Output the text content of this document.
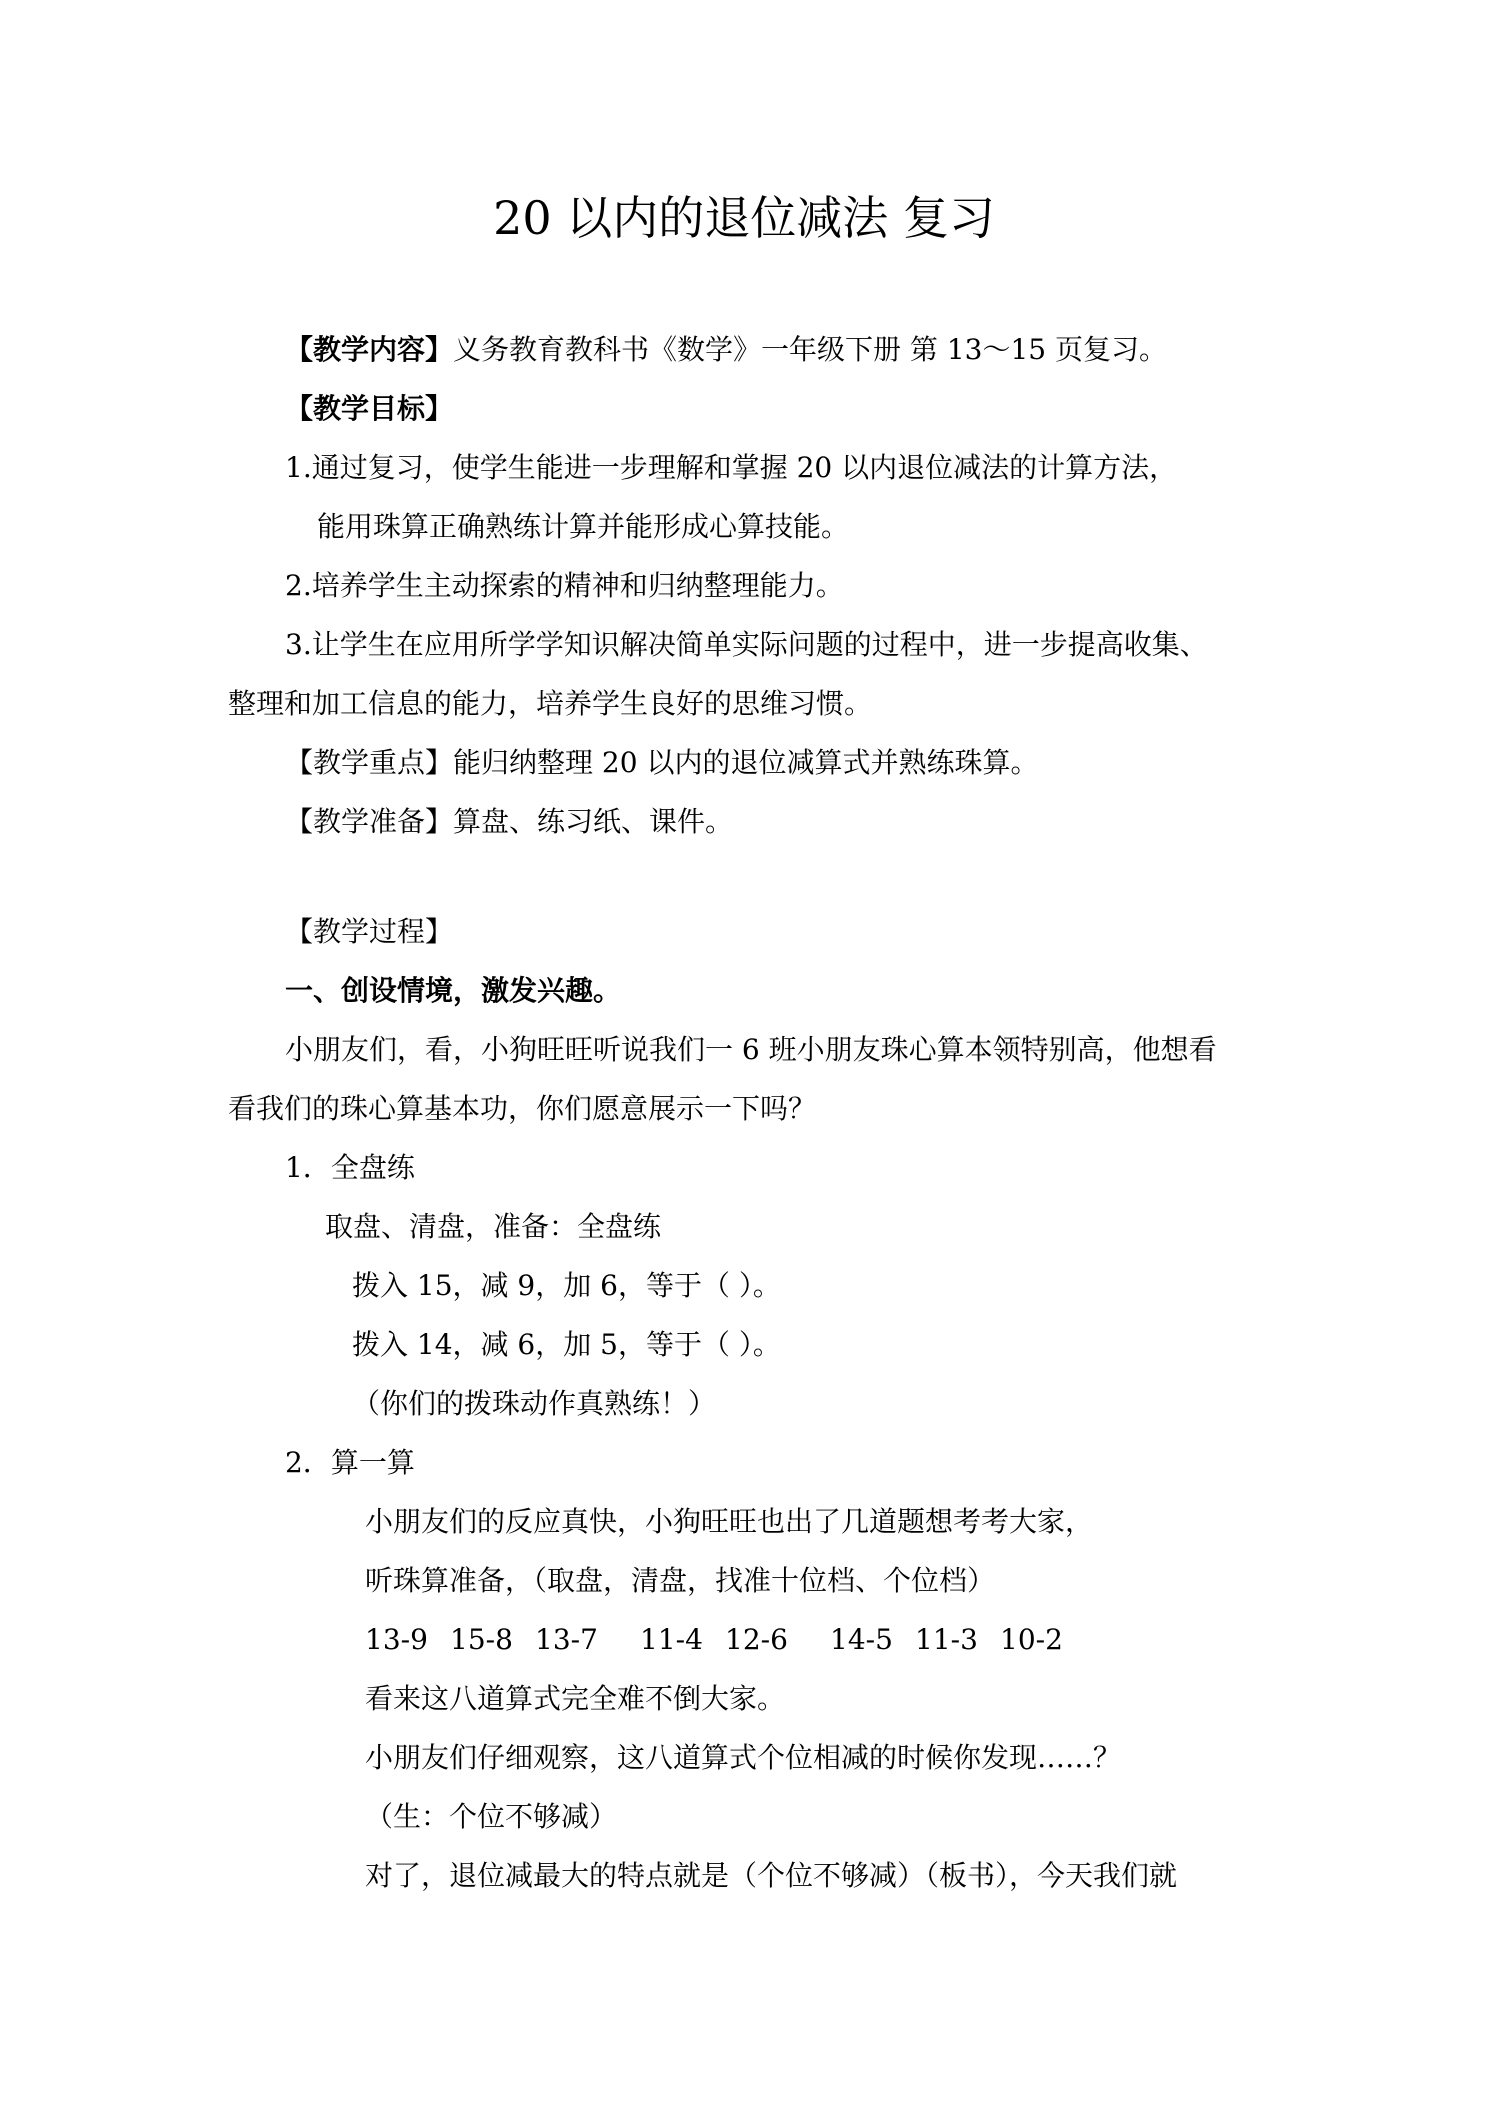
20 以内的退位减法 复习
【教学内容】义务教育教科书《数学》一年级下册 第 13～15 页复习。
【教学目标】
1.通过复习，使学生能进一步理解和掌握 20 以内退位减法的计算方法，
能用珠算正确熟练计算并能形成心算技能。
2.培养学生主动探索的精神和归纳整理能力。
3.让学生在应用所学学知识解决简单实际问题的过程中，进一步提高收集、
整理和加工信息的能力，培养学生良好的思维习惯。
【教学重点】能归纳整理 20 以内的退位减算式并熟练珠算。
【教学准备】算盘、练习纸、课件。
【教学过程】
一、创设情境，激发兴趣。
小朋友们，看，小狗旺旺听说我们一 6 班小朋友珠心算本领特别高，他想看
看我们的珠心算基本功，你们愿意展示一下吗？
1．全盘练
取盘、清盘，准备：全盘练
拨入 15，减 9，加 6，等于（ ）。
拨入 14，减 6，加 5，等于（ ）。
（你们的拨珠动作真熟练！）
2．算一算
小朋友们的反应真快，小狗旺旺也出了几道题想考考大家，
听珠算准备，（取盘，清盘，找准十位档、个位档）
13-9 15-8 13-7 11-4 12-6 14-5 11-3 10-2
看来这八道算式完全难不倒大家。
小朋友们仔细观察，这八道算式个位相减的时候你发现……？
（生：个位不够减）
对了，退位减最大的特点就是（个位不够减）（板书），今天我们就
